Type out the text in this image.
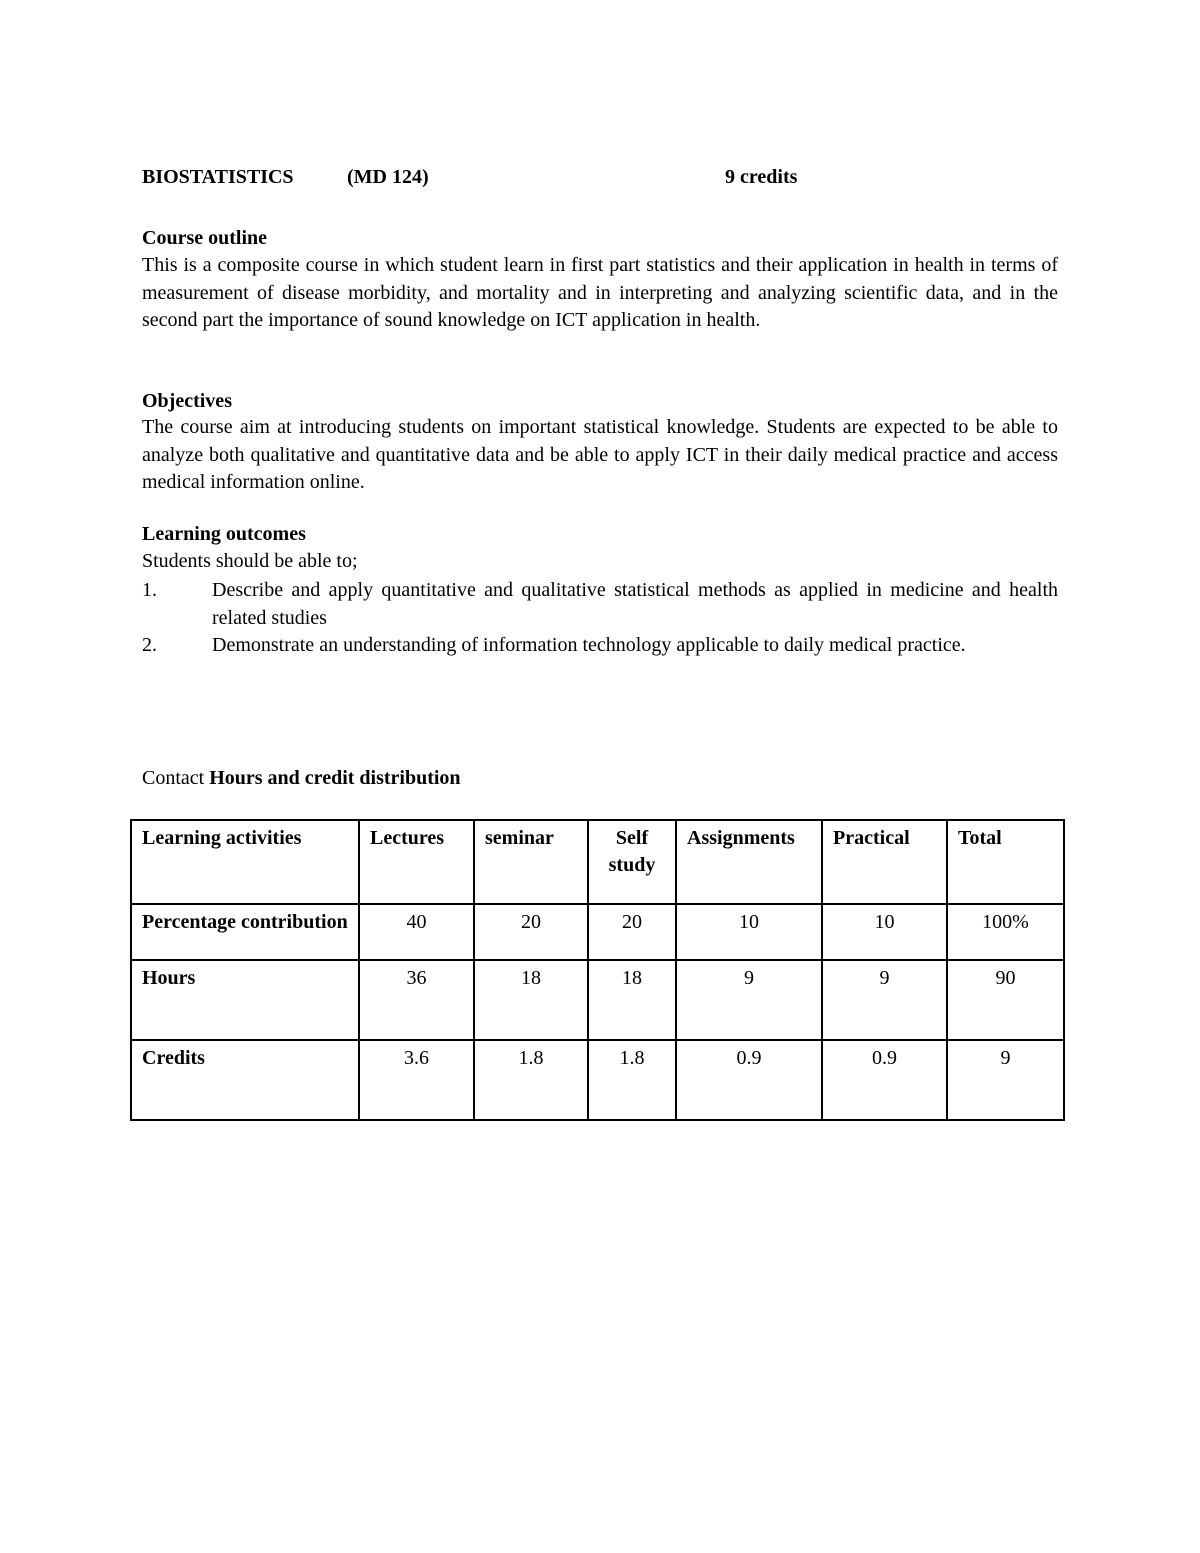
BIOSTATISTICS	(MD 124)	9 credits
Course outline
This is a composite course in which student learn in first part statistics and their application in health in terms of measurement of disease morbidity, and mortality and in interpreting and analyzing scientific data, and in the second part the importance of sound knowledge on ICT application in health.
Objectives
The course aim at introducing students on important statistical knowledge. Students are expected to be able to analyze both qualitative and quantitative data and be able to apply ICT in their daily medical practice and access medical information online.
Learning outcomes
Students should be able to;
1.	Describe and apply quantitative and qualitative statistical methods as applied in medicine and health related studies
2.	Demonstrate an understanding of information technology applicable to daily medical practice.
Contact Hours and credit distribution
Learning activities	Lectures	seminar	Self study	Assignments	Practical	Total
Percentage contribution	40	20	20	10	10	100%
Hours	36	18	18	9	9	90
Credits	3.6	1.8	1.8	0.9	0.9	9
